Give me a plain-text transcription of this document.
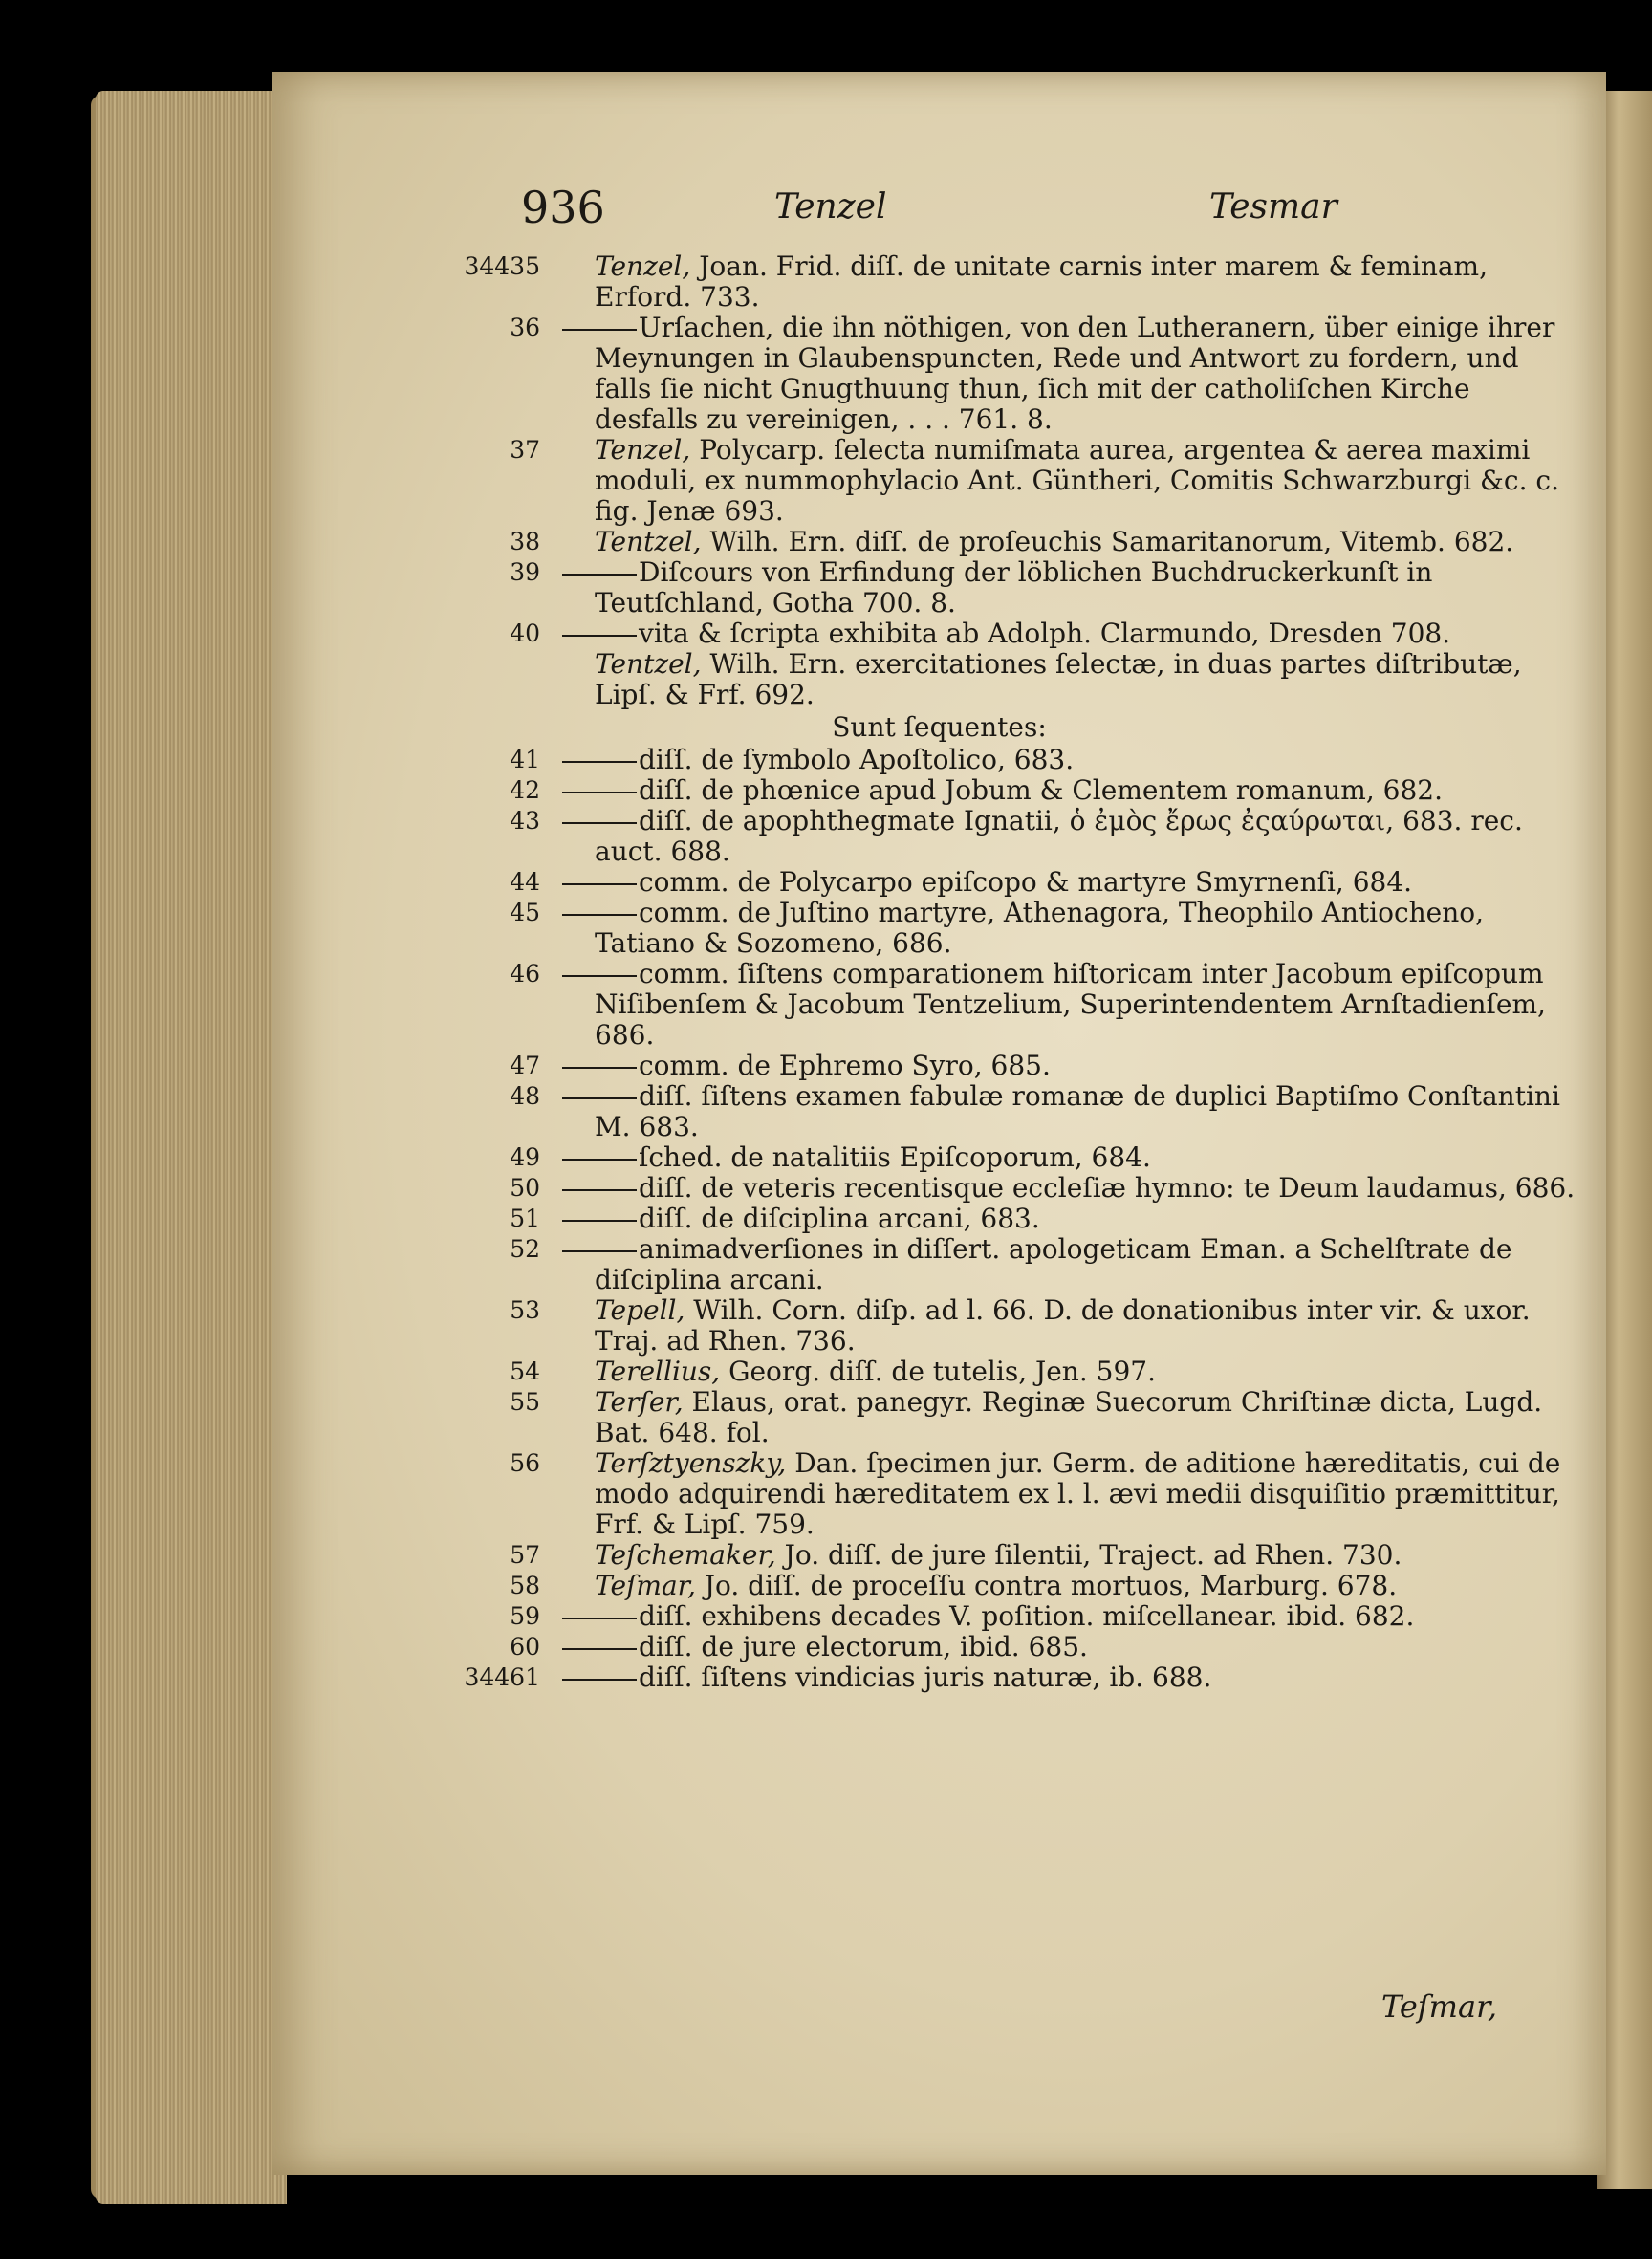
936	Tenzel	Tesmar
34435 Tenzel, Joan. Frid. diſſ. de unitate carnis inter marem & feminam, Erford. 733.
36	Urſachen, die ihn nöthigen, von den Lutheranern, über einige ihrer Meynungen in Glaubenspuncten, Rede und Antwort zu fordern, und falls ſie nicht Gnugthuung thun, ſich mit der catholiſchen Kirche desfalls zu vereinigen, . . . 761. 8.
37 Tenzel, Polycarp. ſelecta numiſmata aurea, argentea & aerea maximi moduli, ex nummophylacio Ant. Güntheri, Comitis Schwarzburgi &c. c. fig. Jenæ 693.
38 Tentzel, Wilh. Ern. diſſ. de proſeuchis Samaritanorum, Vitemb. 682.
39	Diſcours von Erfindung der löblichen Buchdruckerkunſt in Teutſchland, Gotha 700. 8.
40	vita & ſcripta exhibita ab Adolph. Clarmundo, Dresden 708.
Tentzel, Wilh. Ern. exercitationes ſelectæ, in duas partes diſtributæ, Lipſ. & Frf. 692.
Sunt ſequentes:
41	diſſ. de ſymbolo Apoſtolico, 683.
42	diſſ. de phœnice apud Jobum & Clementem romanum, 682.
43	diſſ. de apophthegmate Ignatii, ὁ ἐμὸς ἔρως ἐςαύρωται, 683. rec. auct. 688.
44	comm. de Polycarpo epiſcopo & martyre Smyrnenſi, 684.
45	comm. de Juſtino martyre, Athenagora, Theophilo Antiocheno, Tatiano & Sozomeno, 686.
46	comm. ſiſtens comparationem hiſtoricam inter Jacobum epiſcopum Niſibenſem & Jacobum Tentzelium, Superintendentem Arnſtadienſem, 686.
47	comm. de Ephremo Syro, 685.
48	diſſ. ſiſtens examen fabulæ romanæ de duplici Baptiſmo Conſtantini M. 683.
49	ſched. de natalitiis Epiſcoporum, 684.
50	diſſ. de veteris recentisque eccleſiæ hymno: te Deum laudamus, 686.
51	diſſ. de diſciplina arcani, 683.
52	animadverſiones in diſſert. apologeticam Eman. a Schelſtrate de diſciplina arcani.
53 Tepell, Wilh. Corn. diſp. ad l. 66. D. de donationibus inter vir. & uxor. Traj. ad Rhen. 736.
54 Terellius, Georg. diſſ. de tutelis, Jen. 597.
55 Terſer, Elaus, orat. panegyr. Reginæ Suecorum Chriſtinæ dicta, Lugd. Bat. 648. fol.
56 Terſztyenszky, Dan. ſpecimen jur. Germ. de aditione hæreditatis, cui de modo adquirendi hæreditatem ex l. l. ævi medii disquiſitio præmittitur, Frf. & Lipſ. 759.
57 Teſchemaker, Jo. diſſ. de jure ſilentii, Traject. ad Rhen. 730.
58 Teſmar, Jo. diſſ. de proceſſu contra mortuos, Marburg. 678.
59	diſſ. exhibens decades V. poſition. miſcellanear. ibid. 682.
60	diſſ. de jure electorum, ibid. 685.
34461	diſſ. ſiſtens vindicias juris naturæ, ib. 688.
Teſmar,
